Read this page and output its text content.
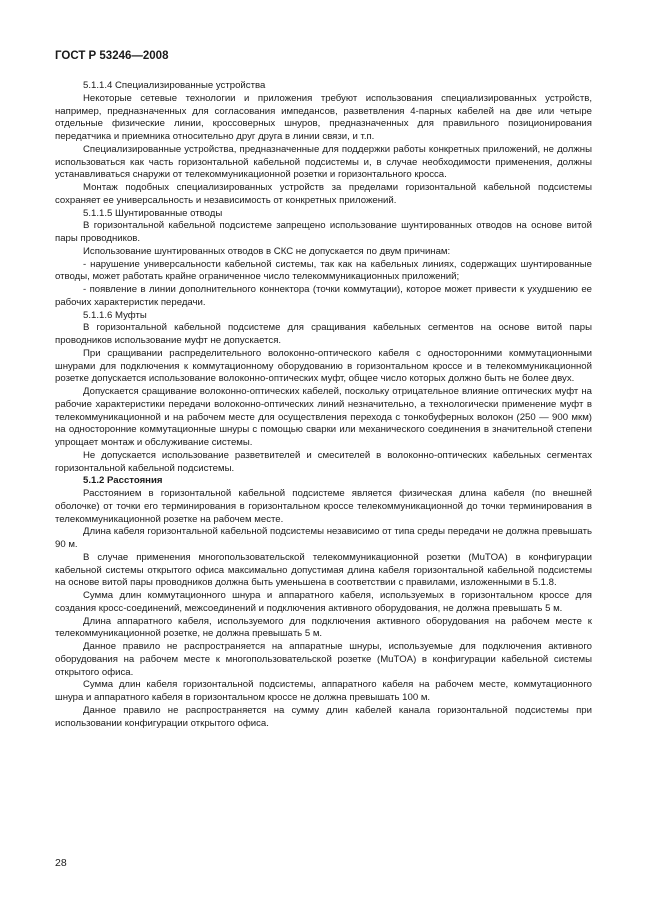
ГОСТ Р 53246—2008

5.1.1.4 Специализированные устройства

Некоторые сетевые технологии и приложения требуют использования специализированных устройств, например, предназначенных для согласования импедансов, разветвления 4-парных кабелей на две или четыре отдельные физические линии, кроссоверных шнуров, предназначенных для правильного позиционирования передатчика и приемника относительно друг друга в линии связи, и т.п.

Специализированные устройства, предназначенные для поддержки работы конкретных приложений, не должны использоваться как часть горизонтальной кабельной подсистемы и, в случае необходимости применения, должны устанавливаться снаружи от телекоммуникационной розетки и горизонтального кросса.

Монтаж подобных специализированных устройств за пределами горизонтальной кабельной подсистемы сохраняет ее универсальность и независимость от конкретных приложений.

5.1.1.5 Шунтированные отводы

В горизонтальной кабельной подсистеме запрещено использование шунтированных отводов на основе витой пары проводников.

Использование шунтированных отводов в СКС не допускается по двум причинам:

- нарушение универсальности кабельной системы, так как на кабельных линиях, содержащих шунтированные отводы, может работать крайне ограниченное число телекоммуникационных приложений;

- появление в линии дополнительного коннектора (точки коммутации), которое может привести к ухудшению ее рабочих характеристик передачи.

5.1.1.6 Муфты

В горизонтальной кабельной подсистеме для сращивания кабельных сегментов на основе витой пары проводников использование муфт не допускается.

При сращивании распределительного волоконно-оптического кабеля с односторонними коммутационными шнурами для подключения к коммутационному оборудованию в горизонтальном кроссе и в телекоммуникационной розетке допускается использование волоконно-оптических муфт, общее число которых должно быть не более двух.

Допускается сращивание волоконно-оптических кабелей, поскольку отрицательное влияние оптических муфт на рабочие характеристики передачи волоконно-оптических линий незначительно, а технологически применение муфт в телекоммуникационной и на рабочем месте для осуществления перехода с тонкобуферных волокон (250 — 900 мкм) на односторонние коммутационные шнуры с помощью сварки или механического соединения в значительной степени упрощает монтаж и обслуживание системы.

Не допускается использование разветвителей и смесителей в волоконно-оптических кабельных сегментах горизонтальной кабельной подсистемы.

5.1.2 Расстояния

Расстоянием в горизонтальной кабельной подсистеме является физическая длина кабеля (по внешней оболочке) от точки его терминирования в горизонтальном кроссе телекоммуникационной до точки терминирования в телекоммуникационной розетке на рабочем месте.

Длина кабеля горизонтальной кабельной подсистемы независимо от типа среды передачи не должна превышать 90 м.

В случае применения многопользовательской телекоммуникационной розетки (MuTOA) в конфигурации кабельной системы открытого офиса максимально допустимая длина кабеля горизонтальной кабельной подсистемы на основе витой пары проводников должна быть уменьшена в соответствии с правилами, изложенными в 5.1.8.

Сумма длин коммутационного шнура и аппаратного кабеля, используемых в горизонтальном кроссе для создания кросс-соединений, межсоединений и подключения активного оборудования, не должна превышать 5 м.

Длина аппаратного кабеля, используемого для подключения активного оборудования на рабочем месте к телекоммуникационной розетке, не должна превышать 5 м.

Данное правило не распространяется на аппаратные шнуры, используемые для подключения активного оборудования на рабочем месте к многопользовательской розетке (MuTOA) в конфигурации кабельной системы открытого офиса.

Сумма длин кабеля горизонтальной подсистемы, аппаратного кабеля на рабочем месте, коммутационного шнура и аппаратного кабеля в горизонтальном кроссе не должна превышать 100 м.

Данное правило не распространяется на сумму длин кабелей канала горизонтальной подсистемы при использовании конфигурации открытого офиса.

28
